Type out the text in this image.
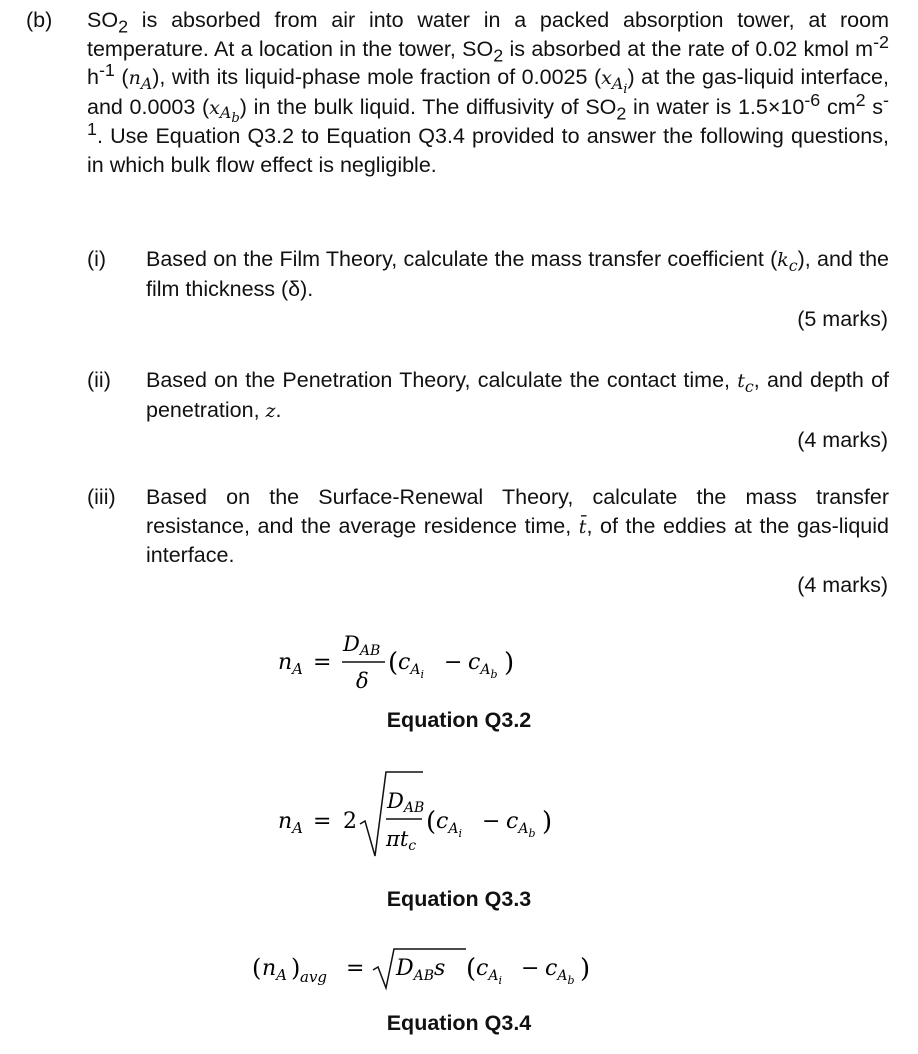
(b) $SO_2$ is absorbed from air into water in a packed absorption tower, at room temperature. At a location in the tower, $SO_2$ is absorbed at the rate of 0.02 kmol $m^{-2}$ $h^{-1}$ $(n_A)$, with its liquid-phase mole fraction of 0.0025 $(x_{A_i})$ at the gas-liquid interface, and 0.0003 $(x_{A_b})$ in the bulk liquid. The diffusivity of $SO_2$ in water is $1.5\times 10^{-6}$ $cm^2$ $s^{-1}$. Use Equation Q3.2 to Equation Q3.4 provided to answer the following questions, in which bulk flow effect is negligible.
(i) Based on the Film Theory, calculate the mass transfer coefficient $(k_c)$, and the film thickness (δ).
(5 marks)
(ii) Based on the Penetration Theory, calculate the contact time, $t_c$, and depth of penetration, z.
(4 marks)
(iii) Based on the Surface-Renewal Theory, calculate the mass transfer resistance, and the average residence time, t̄, of the eddies at the gas-liquid interface.
(4 marks)
$n_A$ =
DAB
δ
( $c_Ai - c_Ab$ )
Equation Q3.2
$n_A = 2$
DAB
πtc
( $c_Ai - c_Ab$ )
Equation Q3.3
( $n_A$ ) avg = $D_{AB}s$ ( $c_Ai - c_Ab$ )
Equation Q3.4
